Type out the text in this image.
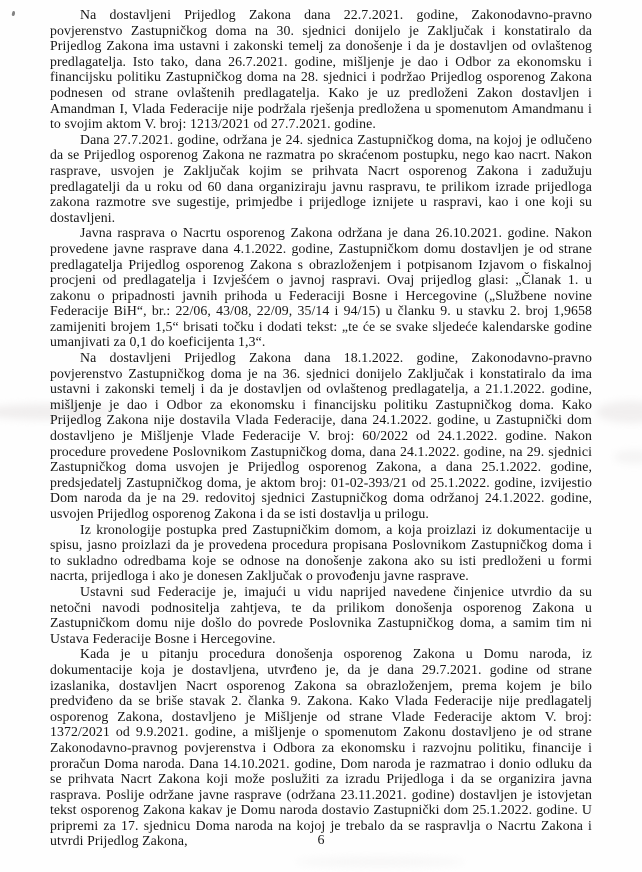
Na dostavljeni Prijedlog Zakona dana 22.7.2021. godine, Zakonodavno-pravno povjerenstvo Zastupničkog doma na 30. sjednici donijelo je Zaključak i konstatiralo da Prijedlog Zakona ima ustavni i zakonski temelj za donošenje i da je dostavljen od ovlaštenog predlagatelja. Isto tako, dana 26.7.2021. godine, mišljenje je dao i Odbor za ekonomsku i financijsku politiku Zastupničkog doma na 28. sjednici i podržao Prijedlog osporenog Zakona podnesen od strane ovlaštenih predlagatelja. Kako je uz predloženi Zakon dostavljen i Amandman I, Vlada Federacije nije podržala rješenja predložena u spomenutom Amandmanu i to svojim aktom V. broj: 1213/2021 od 27.7.2021. godine.

Dana 27.7.2021. godine, održana je 24. sjednica Zastupničkog doma, na kojoj je odlučeno da se Prijedlog osporenog Zakona ne razmatra po skraćenom postupku, nego kao nacrt. Nakon rasprave, usvojen je Zaključak kojim se prihvata Nacrt osporenog Zakona i zadužuju predlagatelji da u roku od 60 dana organiziraju javnu raspravu, te prilikom izrade prijedloga zakona razmotre sve sugestije, primjedbe i prijedloge iznijete u raspravi, kao i one koji su dostavljeni.

Javna rasprava o Nacrtu osporenog Zakona održana je dana 26.10.2021. godine. Nakon provedene javne rasprave dana 4.1.2022. godine, Zastupničkom domu dostavljen je od strane predlagatelja Prijedlog osporenog Zakona s obrazloženjem i potpisanom Izjavom o fiskalnoj procjeni od predlagatelja i Izvješćem o javnoj raspravi. Ovaj prijedlog glasi: „Članak 1. u zakonu o pripadnosti javnih prihoda u Federaciji Bosne i Hercegovine („Službene novine Federacije BiH“, br.: 22/06, 43/08, 22/09, 35/14 i 94/15) u članku 9. u stavku 2. broj 1,9658 zamijeniti brojem 1,5“ brisati točku i dodati tekst: „te će se svake sljedeće kalendarske godine umanjivati za 0,1 do koeficijenta 1,3“.

Na dostavljeni Prijedlog Zakona dana 18.1.2022. godine, Zakonodavno-pravno povjerenstvo Zastupničkog doma je na 36. sjednici donijelo Zaključak i konstatiralo da ima ustavni i zakonski temelj i da je dostavljen od ovlaštenog predlagatelja, a 21.1.2022. godine, mišljenje je dao i Odbor za ekonomsku i financijsku politiku Zastupničkog doma. Kako Prijedlog Zakona nije dostavila Vlada Federacije, dana 24.1.2022. godine, u Zastupnički dom dostavljeno je Mišljenje Vlade Federacije V. broj: 60/2022 od 24.1.2022. godine. Nakon procedure provedene Poslovnikom Zastupničkog doma, dana 24.1.2022. godine, na 29. sjednici Zastupničkog doma usvojen je Prijedlog osporenog Zakona, a dana 25.1.2022. godine, predsjedatelj Zastupničkog doma, je aktom broj: 01-02-393/21 od 25.1.2022. godine, izvijestio Dom naroda da je na 29. redovitoj sjednici Zastupničkog doma održanoj 24.1.2022. godine, usvojen Prijedlog osporenog Zakona i da se isti dostavlja u prilogu.

Iz kronologije postupka pred Zastupničkim domom, a koja proizlazi iz dokumentacije u spisu, jasno proizlazi da je provedena procedura propisana Poslovnikom Zastupničkog doma i to sukladno odredbama koje se odnose na donošenje zakona ako su isti predloženi u formi nacrta, prijedloga i ako je donesen Zaključak o provođenju javne rasprave.

Ustavni sud Federacije je, imajući u vidu naprijed navedene činjenice utvrdio da su netočni navodi podnositelja zahtjeva, te da prilikom donošenja osporenog Zakona u Zastupničkom domu nije došlo do povrede Poslovnika Zastupničkog doma, a samim tim ni Ustava Federacije Bosne i Hercegovine.

Kada je u pitanju procedura donošenja osporenog Zakona u Domu naroda, iz dokumentacije koja je dostavljena, utvrđeno je, da je dana 29.7.2021. godine od strane izaslanika, dostavljen Nacrt osporenog Zakona sa obrazloženjem, prema kojem je bilo predviđeno da se briše stavak 2. članka 9. Zakona. Kako Vlada Federacije nije predlagatelj osporenog Zakona, dostavljeno je Mišljenje od strane Vlade Federacije aktom V. broj: 1372/2021 od 9.9.2021. godine, a mišljenje o spomenutom Zakonu dostavljeno je od strane Zakonodavno-pravnog povjerenstva i Odbora za ekonomsku i razvojnu politiku, financije i proračun Doma naroda. Dana 14.10.2021. godine, Dom naroda je razmatrao i donio odluku da se prihvata Nacrt Zakona koji može poslužiti za izradu Prijedloga i da se organizira javna rasprava. Poslije održane javne rasprave (održana 23.11.2021. godine) dostavljen je istovjetan tekst osporenog Zakona kakav je Domu naroda dostavio Zastupnički dom 25.1.2022. godine. U pripremi za 17. sjednicu Doma naroda na kojoj je trebalo da se raspravlja o Nacrtu Zakona i utvrdi Prijedlog Zakona,	6
